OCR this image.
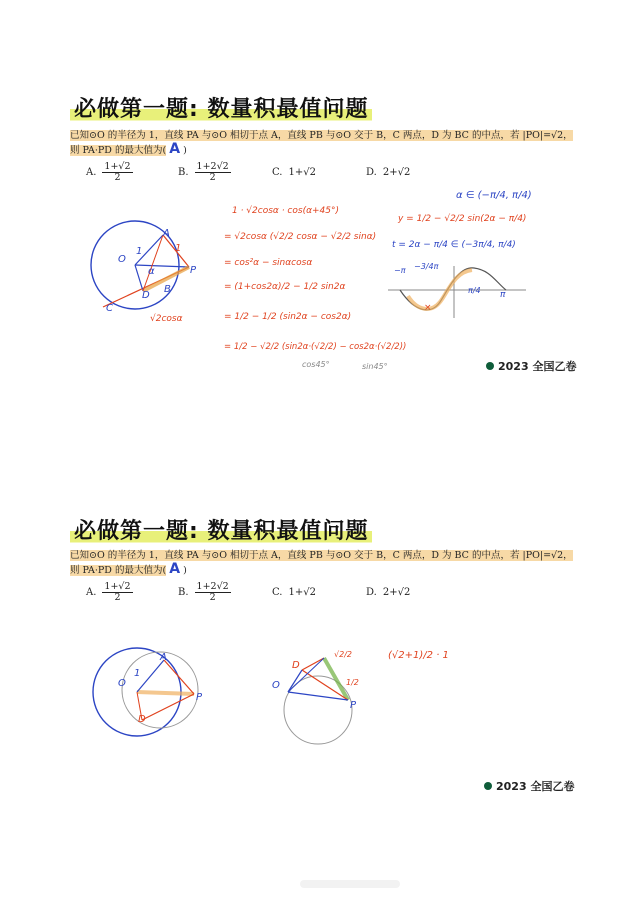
必做第一题: 数量积最值问题
已知⊙O 的半径为 1，直线 PA 与⊙O 相切于点 A，直线 PB 与⊙O 交于 B，C 两点，D 为 BC 的中点，若 |PO|=√2，
则 PA·PD 的最大值为( A )
A. $\frac{1+√2}{2}$	B. $\frac{1+2√2}{2}$	C. 1+√2	D. 2+√2
O
1
A
1
α	P
D
B
C
√2cosα
1 · √2cosα · cos(α+45°)
= √2cosα (√2/2 cosα − √2/2 sinα)
= cos²α − sinαcosα
= (1+cos2α)/2 − 1/2 sin2α
= 1/2 − 1/2 (sin2α − cos2α)
= 1/2 − √2/2 (sin2α·(√2/2) − cos2α·(√2/2))
cos45°	sin45°
α ∈ (−π/4, π/4)
y = 1/2 − √2/2 sin(2α − π/4)
t = 2α − π/4 ∈ (−3π/4, π/4)
×
−π −3/4π
π/4 π
2023 全国乙卷
必做第一题: 数量积最值问题
已知⊙O 的半径为 1，直线 PA 与⊙O 相切于点 A，直线 PB 与⊙O 交于 B，C 两点，D 为 BC 的中点，若 |PO|=√2，
则 PA·PD 的最大值为( A )
A. $\frac{1+√2}{2}$	B. $\frac{1+2√2}{2}$	C. 1+√2	D. 2+√2
O
1
A
P
D
D
√2/2
O	1/2
P
(√2+1)/2 · 1
2023 全国乙卷
